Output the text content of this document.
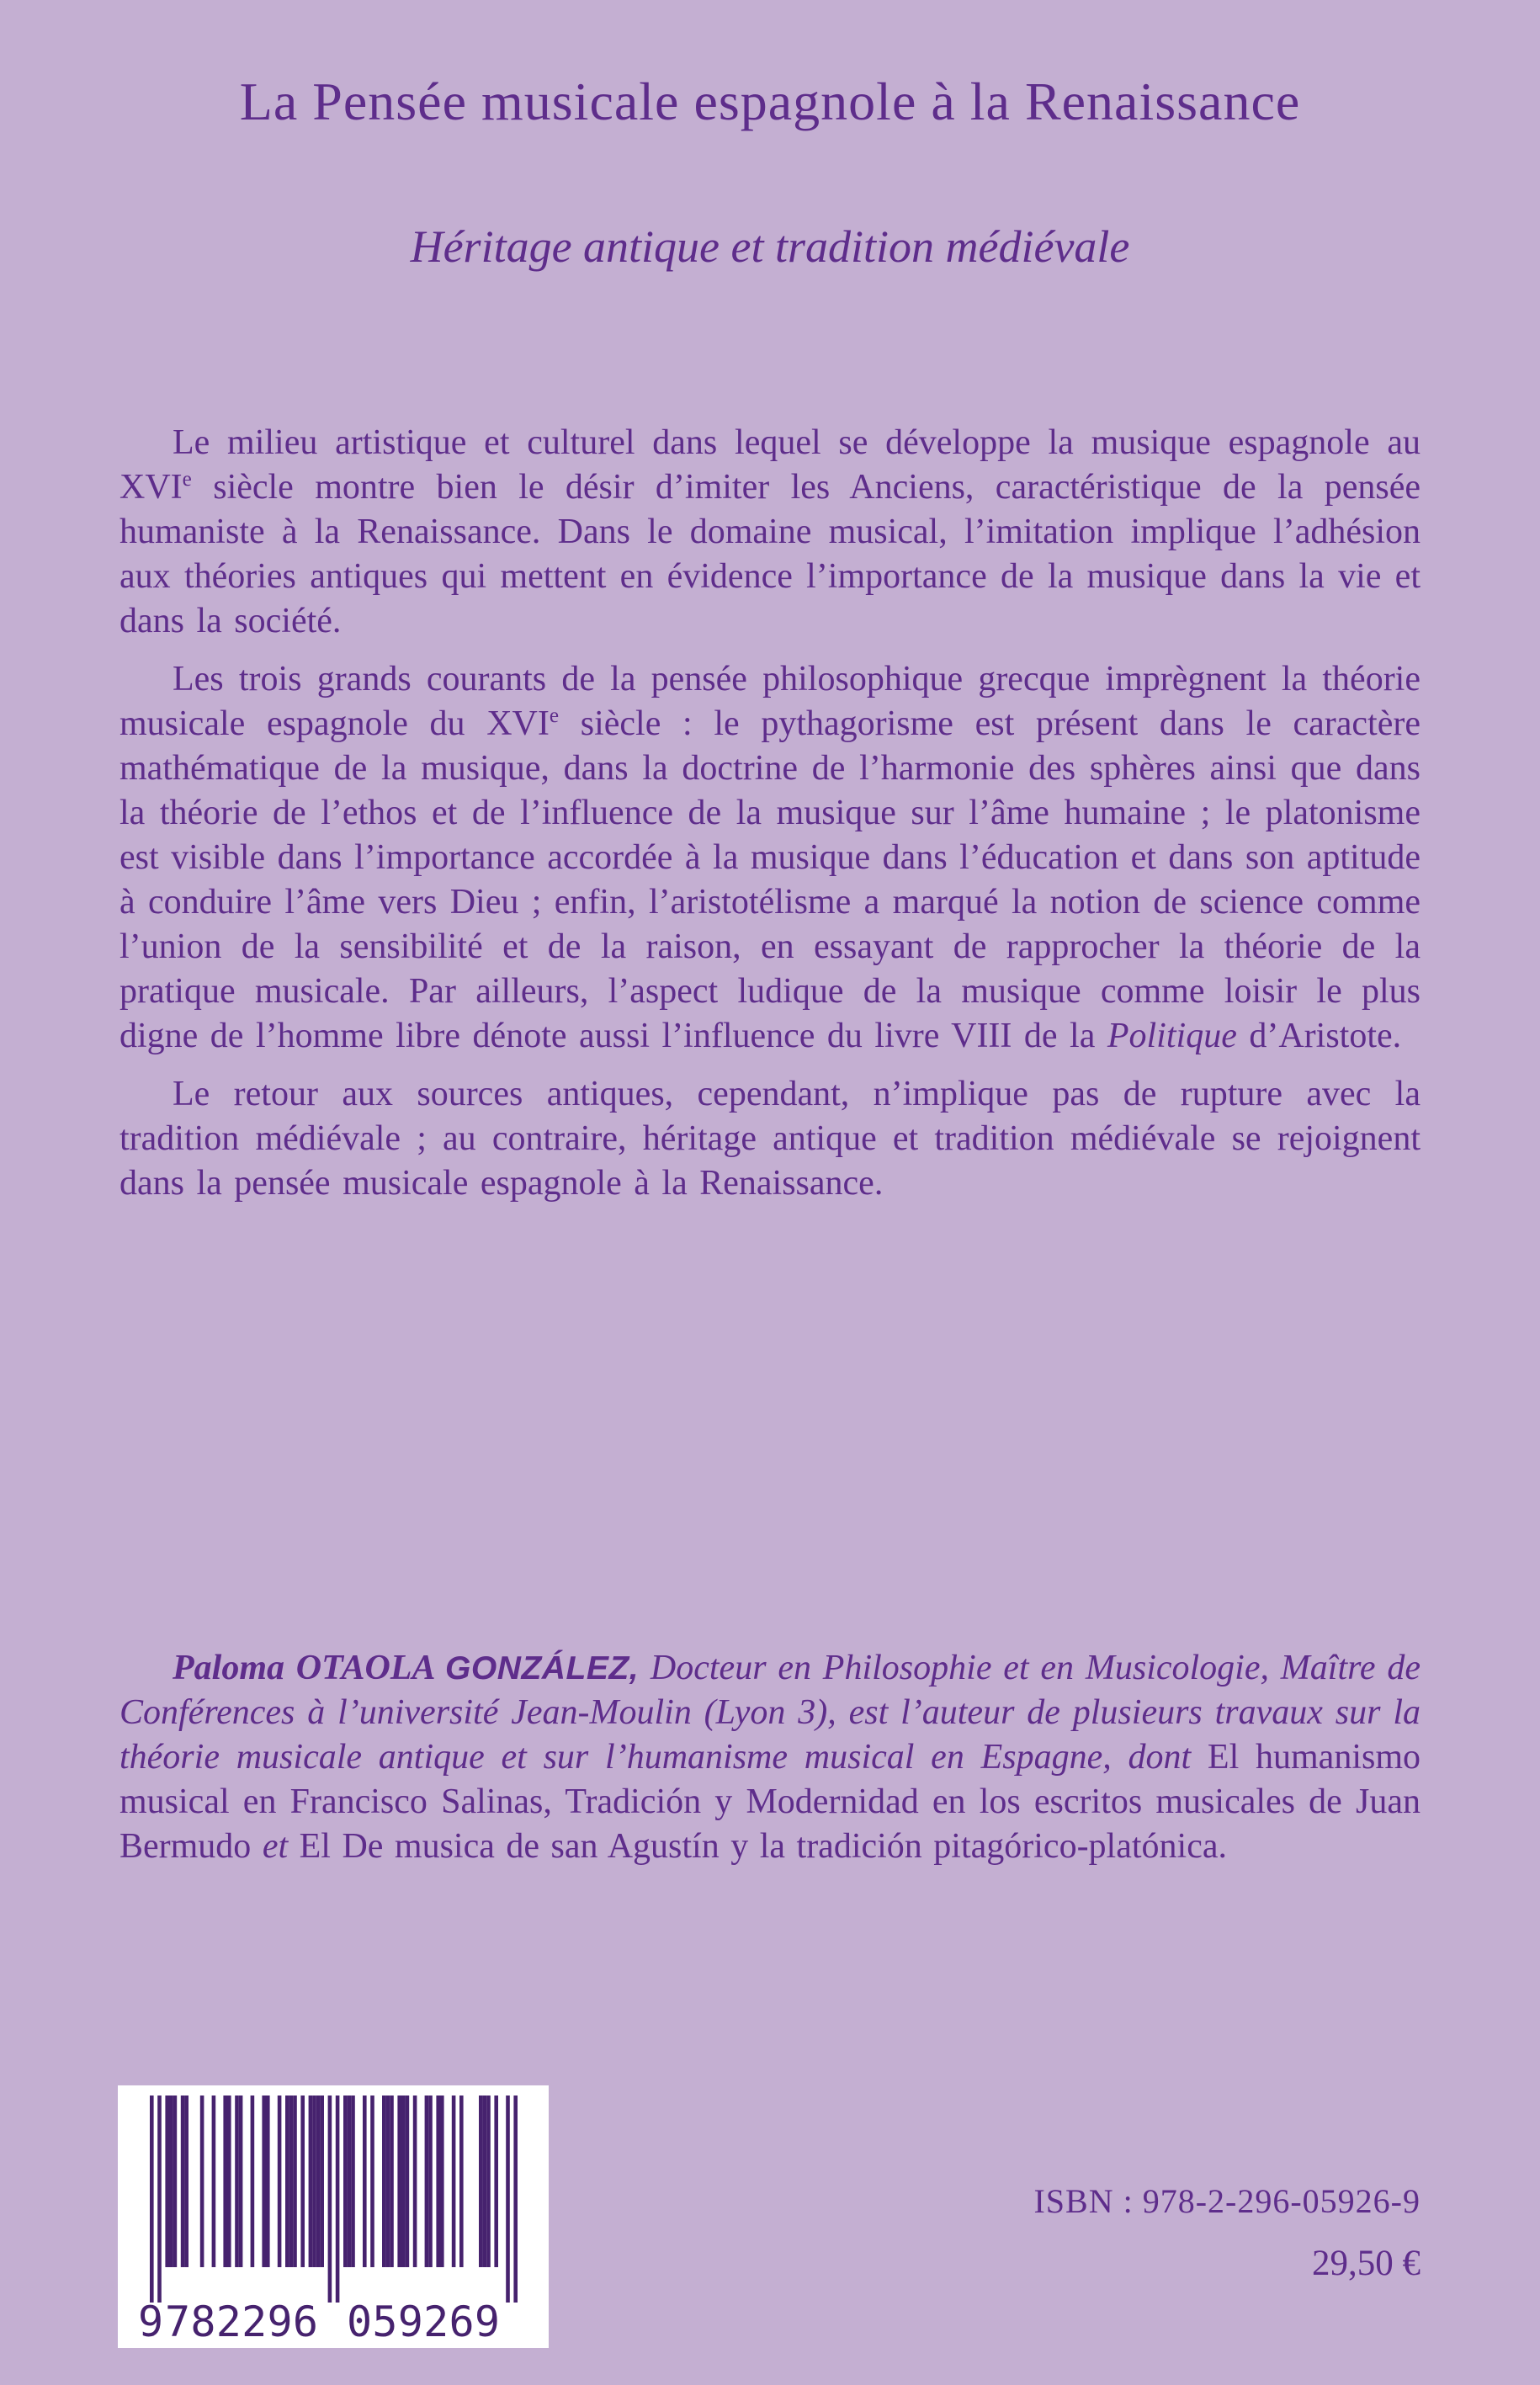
La Pensée musicale espagnole à la Renaissance
Héritage antique et tradition médiévale

Le milieu artistique et culturel dans lequel se développe la musique espagnole au XVIe siècle montre bien le désir d’imiter les Anciens, caractéristique de la pensée humaniste à la Renaissance. Dans le domaine musical, l’imitation implique l’adhésion aux théories antiques qui mettent en évidence l’importance de la musique dans la vie et dans la société.

Les trois grands courants de la pensée philosophique grecque imprègnent la théorie musicale espagnole du XVIe siècle : le pythagorisme est présent dans le caractère mathématique de la musique, dans la doctrine de l’harmonie des sphères ainsi que dans la théorie de l’ethos et de l’influence de la musique sur l’âme humaine ; le platonisme est visible dans l’importance accordée à la musique dans l’éducation et dans son aptitude à conduire l’âme vers Dieu ; enfin, l’aristotélisme a marqué la notion de science comme l’union de la sensibilité et de la raison, en essayant de rapprocher la théorie de la pratique musicale. Par ailleurs, l’aspect ludique de la musique comme loisir le plus digne de l’homme libre dénote aussi l’influence du livre VIII de la Politique d’Aristote.

Le retour aux sources antiques, cependant, n’implique pas de rupture avec la tradition médiévale ; au contraire, héritage antique et tradition médiévale se rejoignent dans la pensée musicale espagnole à la Renaissance.

Paloma OTAOLA GONZÁLEZ, Docteur en Philosophie et en Musicologie, Maître de Conférences à l’université Jean-Moulin (Lyon 3), est l’auteur de plusieurs travaux sur la théorie musicale antique et sur l’humanisme musical en Espagne, dont El humanismo musical en Francisco Salinas, Tradición y Modernidad en los escritos musicales de Juan Bermudo et El De musica de san Agustín y la tradición pitagórico-platónica.

9 782296 059269

ISBN : 978-2-296-05926-9

29,50 €
